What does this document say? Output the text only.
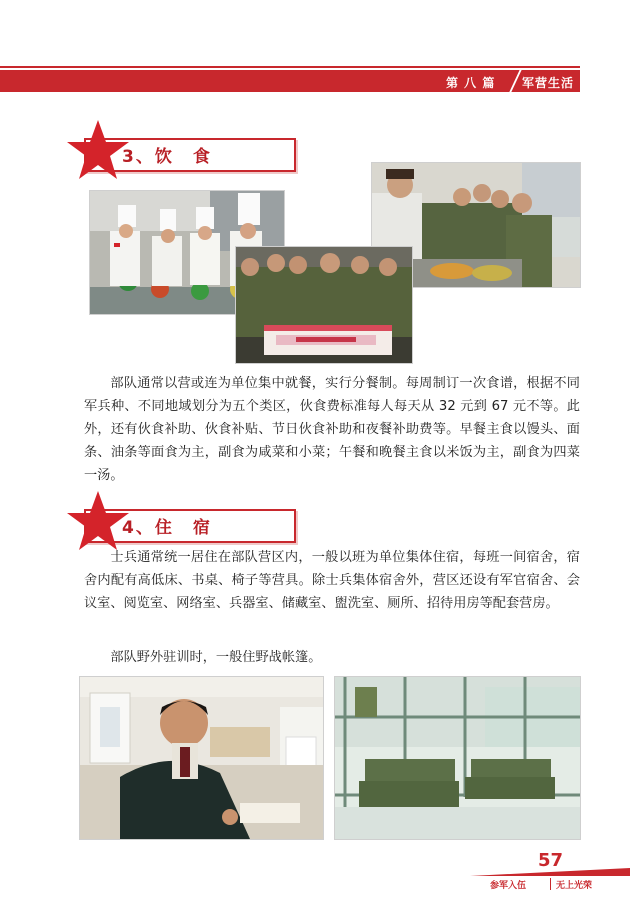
第 八 篇 军营生活
3、饮　食

部队通常以营或连为单位集中就餐，实行分餐制。每周制订一次食谱，根据不同军兵种、不同地域划分为五个类区，伙食费标准每人每天从 32 元到 67 元不等。此外，还有伙食补助、伙食补贴、节日伙食补助和夜餐补助费等。早餐主食以馒头、面条、油条等面食为主，副食为咸菜和小菜；午餐和晚餐主食以米饭为主，副食为四菜一汤。

4、住　宿

士兵通常统一居住在部队营区内，一般以班为单位集体住宿，每班一间宿舍，宿舍内配有高低床、书桌、椅子等营具。除士兵集体宿舍外，营区还设有军官宿舍、会议室、阅览室、网络室、兵器室、储藏室、盥洗室、厕所、招待用房等配套营房。

部队野外驻训时，一般住野战帐篷。

57
参军入伍	无上光荣
